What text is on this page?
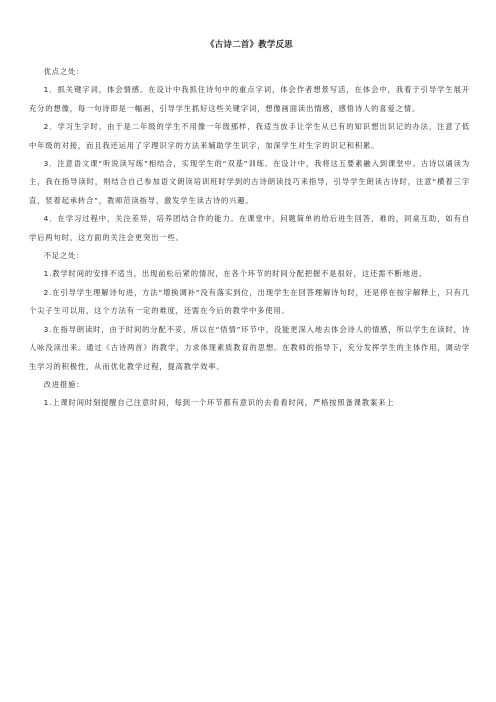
《古诗二首》教学反思

优点之处：

1．抓关键字词，体会情感。在设计中我抓住诗句中的重点字词，体会作者想景写活，在体会中，我着于引导学生展开充分的想像，每一句诗即是一幅画，引导学生抓好这些关键字词，想像画面读出情感，感悟诗人的喜爱之情。

2．学习生字时，由于是二年级的学生不用像一年级那样，我适当放手让学生从已有的知识想出识记的办法，注意了低中年级的对接，而且我还运用了字理识字的方法来辅助学生识字，加深学生对生字的识记和积累。

3．注意语文课“听说读写练”相结合，实现学生的“双基”训练。在设计中，我将这五要素融入到课堂中。古诗以诵读为主，我在指导读时，则结合自己参加语文朗读培训班时学到的古诗朗读技巧来指导，引导学生朗读古诗时，注意“横着三字直，竖着起承转合”，教师范读指导，激发学生读古诗的兴趣。

4．在学习过程中，关注差异，培养团结合作的能力。在课堂中，问题简单的给后进生回答，难的，同桌互助，如有自学后两句时，这方面的关注会更突出一些。

不足之处：

1.教学时间的安排不适当，出现前松后紧的情况，在各个环节的时间分配把握不是很好，这还需不断地进。

2.在引导学生理解诗句进，方法“增换调补”没有落实到位，出现学生在回答理解诗句时，还是停在按字解释上，只有几个尖子生可以用，这个方法有一定的难度，还需在今后的教学中多使用。

3.在指导朗读时，由于时间的分配不妥，所以在“悟情”环节中，没能更深入地去体会诗人的情感，所以学生在读时，诗人咏没读出来。通过《古诗两首》的教学，力求体现素质教育的思想。在教师的指导下，充分发挥学生的主体作用，调动学生学习的积极性，从而优化教学过程，提高教学效率。

改进措施：

1.上课时间时刻提醒自己注意时间，每到一个环节都有意识的去看看时间，严格按照备课教案来上
